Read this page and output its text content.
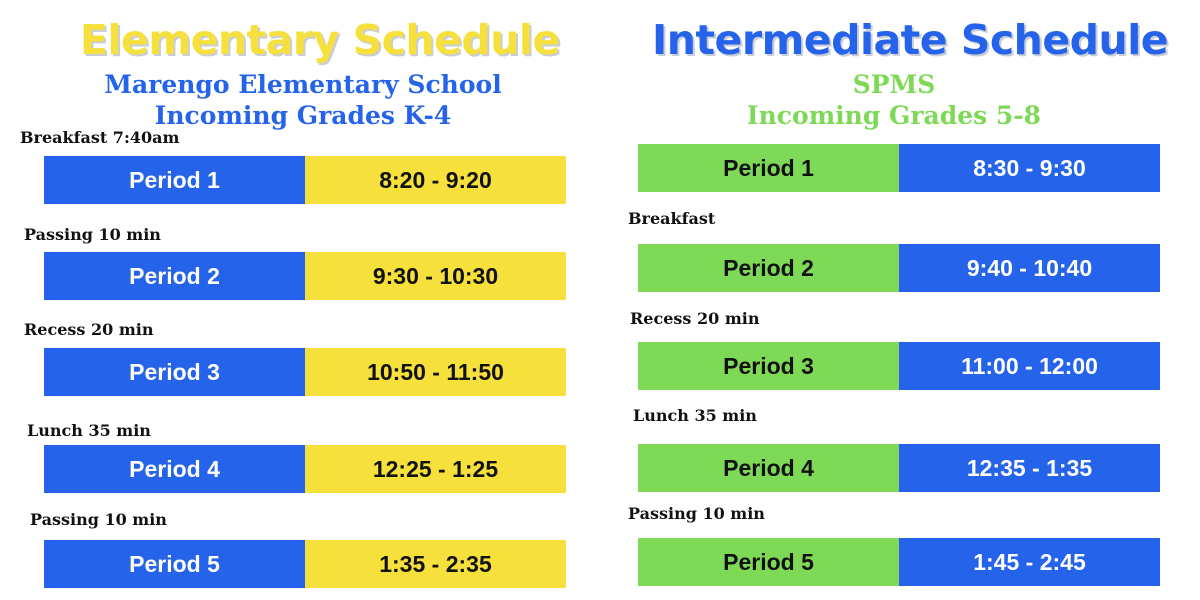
Elementary Schedule
Marengo Elementary School
Incoming Grades K-4
Breakfast 7:40am
Period 1	8:20 - 9:20
Passing 10 min
Period 2	9:30 - 10:30
Recess 20 min
Period 3	10:50 - 11:50
Lunch 35 min
Period 4	12:25 - 1:25
Passing 10 min
Period 5	1:35 - 2:35
Intermediate Schedule
SPMS
Incoming Grades 5-8
Period 1	8:30 - 9:30
Breakfast
Period 2	9:40 - 10:40
Recess 20 min
Period 3	11:00 - 12:00
Lunch 35 min
Period 4	12:35 - 1:35
Passing 10 min
Period 5	1:45 - 2:45
